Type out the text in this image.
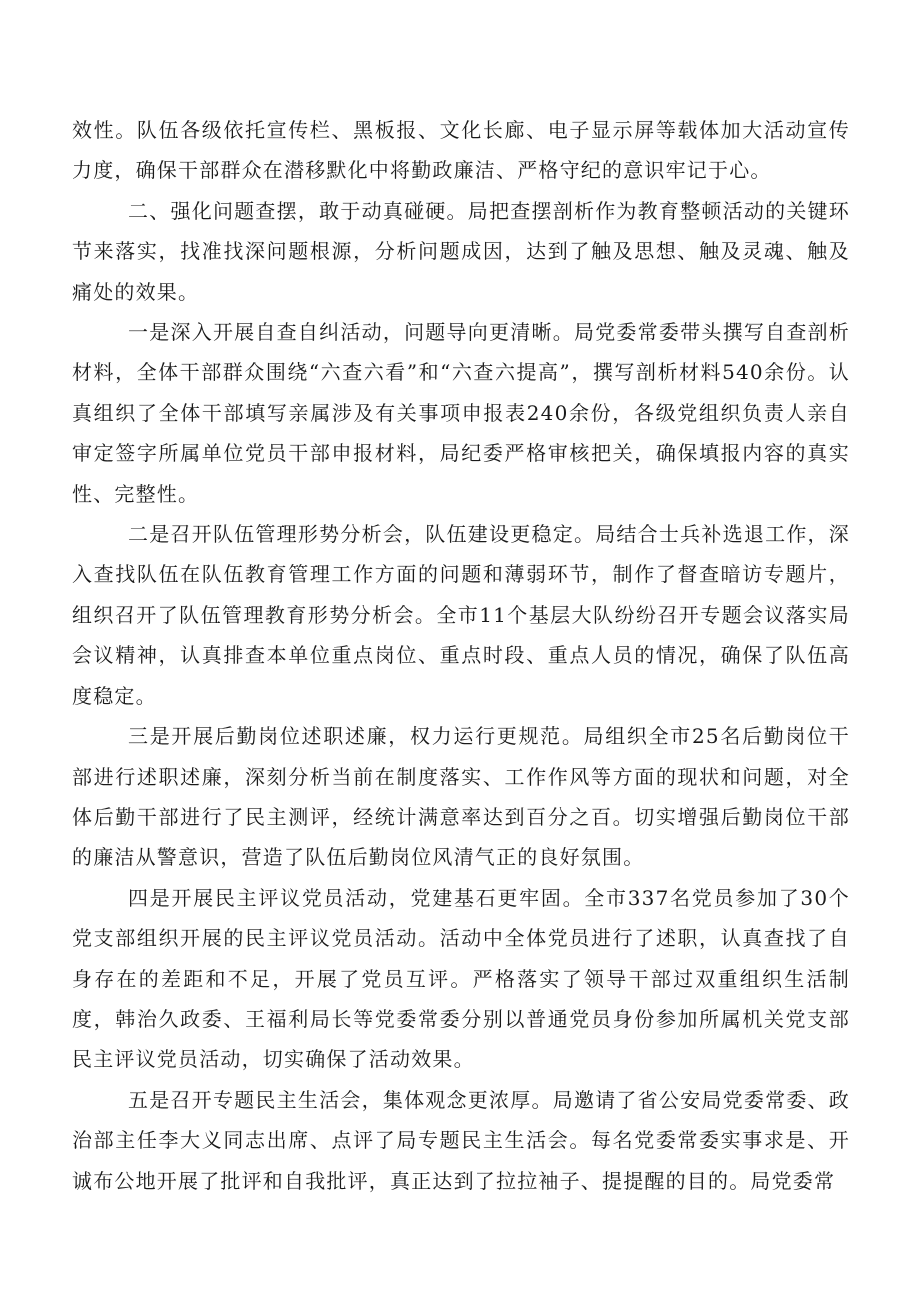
效性。队伍各级依托宣传栏、黑板报、文化长廊、电子显示屏等载体加大活动宣传力度，确保干部群众在潜移默化中将勤政廉洁、严格守纪的意识牢记于心。

二、强化问题查摆，敢于动真碰硬。局把查摆剖析作为教育整顿活动的关键环节来落实，找准找深问题根源，分析问题成因，达到了触及思想、触及灵魂、触及痛处的效果。

一是深入开展自查自纠活动，问题导向更清晰。局党委常委带头撰写自查剖析材料，全体干部群众围绕“六查六看”和“六查六提高”，撰写剖析材料540余份。认真组织了全体干部填写亲属涉及有关事项申报表240余份，各级党组织负责人亲自审定签字所属单位党员干部申报材料，局纪委严格审核把关，确保填报内容的真实性、完整性。

二是召开队伍管理形势分析会，队伍建设更稳定。局结合士兵补选退工作，深入查找队伍在队伍教育管理工作方面的问题和薄弱环节，制作了督查暗访专题片，组织召开了队伍管理教育形势分析会。全市11个基层大队纷纷召开专题会议落实局会议精神，认真排查本单位重点岗位、重点时段、重点人员的情况，确保了队伍高度稳定。

三是开展后勤岗位述职述廉，权力运行更规范。局组织全市25名后勤岗位干部进行述职述廉，深刻分析当前在制度落实、工作作风等方面的现状和问题，对全体后勤干部进行了民主测评，经统计满意率达到百分之百。切实增强后勤岗位干部的廉洁从警意识，营造了队伍后勤岗位风清气正的良好氛围。

四是开展民主评议党员活动，党建基石更牢固。全市337名党员参加了30个党支部组织开展的民主评议党员活动。活动中全体党员进行了述职，认真查找了自身存在的差距和不足，开展了党员互评。严格落实了领导干部过双重组织生活制度，韩治久政委、王福利局长等党委常委分别以普通党员身份参加所属机关党支部民主评议党员活动，切实确保了活动效果。

五是召开专题民主生活会，集体观念更浓厚。局邀请了省公安局党委常委、政治部主任李大义同志出席、点评了局专题民主生活会。每名党委常委实事求是、开诚布公地开展了批评和自我批评，真正达到了拉拉袖子、提提醒的目的。局党委常
